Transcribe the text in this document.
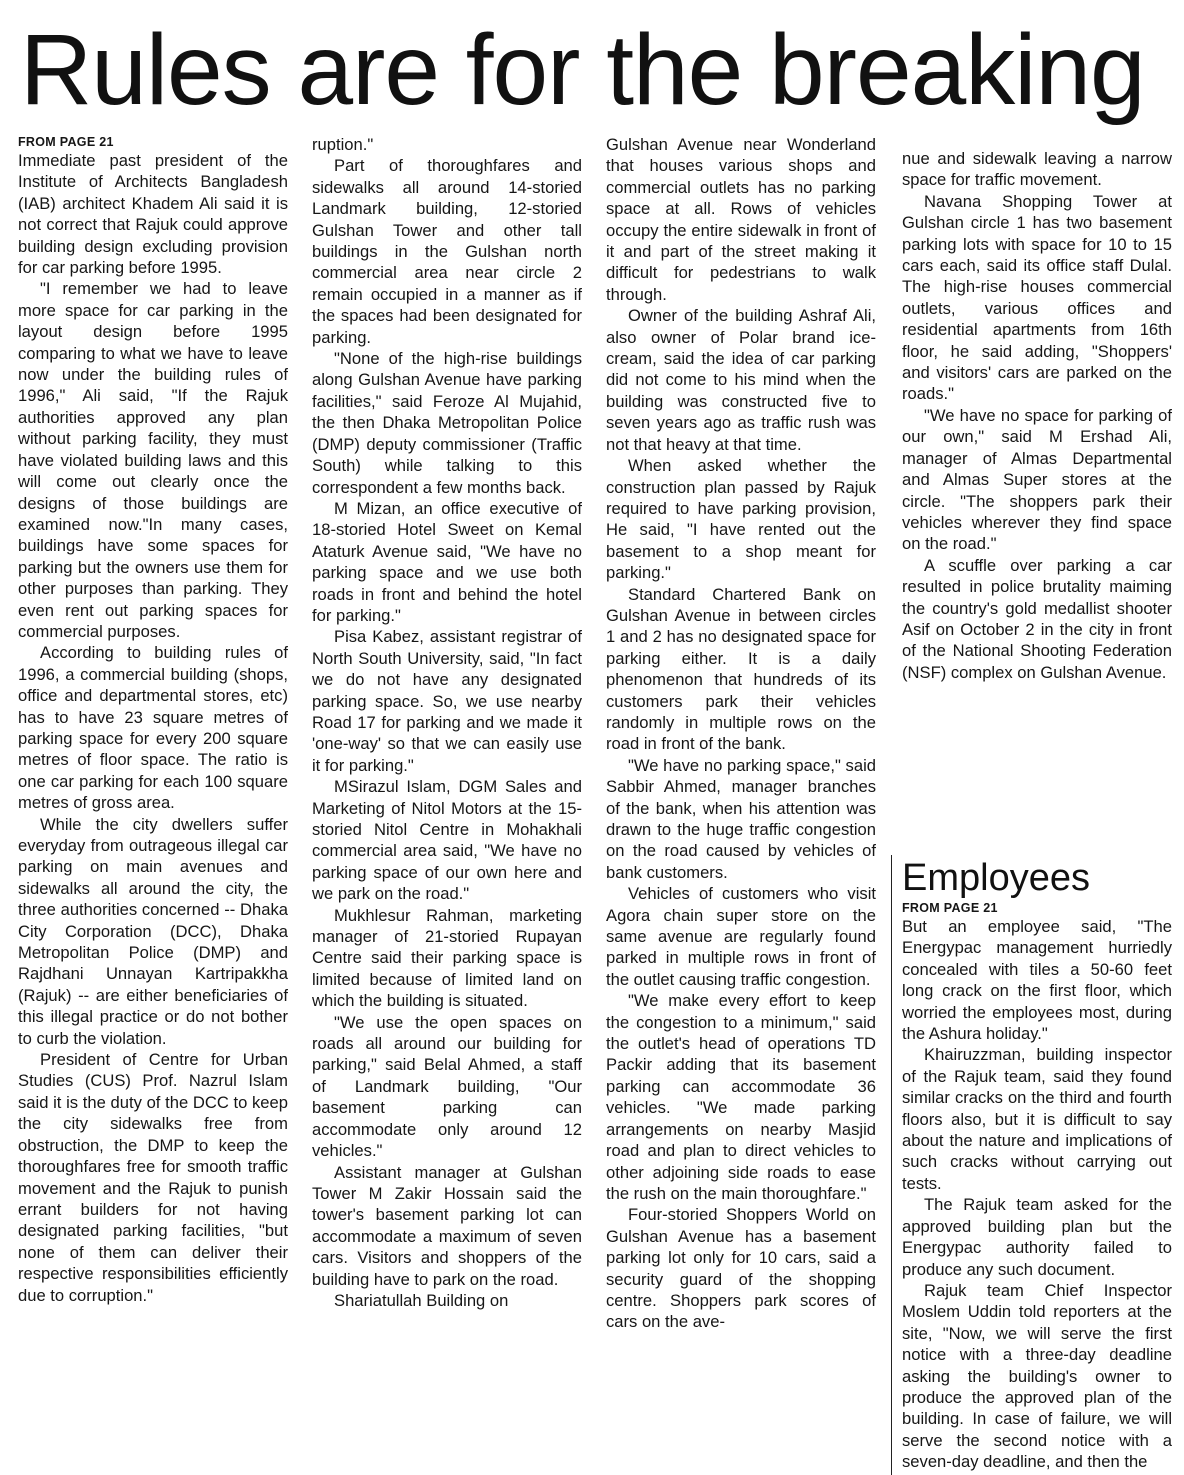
Rules are for the breaking
FROM PAGE 21

Immediate past president of the Institute of Architects Bangladesh (IAB) architect Khadem Ali said it is not correct that Rajuk could approve building design excluding provision for car parking before 1995.

"I remember we had to leave more space for car parking in the layout design before 1995 comparing to what we have to leave now under the building rules of 1996," Ali said, "If the Rajuk authorities approved any plan without parking facility, they must have violated building laws and this will come out clearly once the designs of those buildings are examined now."In many cases, buildings have some spaces for parking but the owners use them for other purposes than parking. They even rent out parking spaces for commercial purposes.

According to building rules of 1996, a commercial building (shops, office and departmental stores, etc) has to have 23 square metres of parking space for every 200 square metres of floor space. The ratio is one car parking for each 100 square metres of gross area.

While the city dwellers suffer everyday from outrageous illegal car parking on main avenues and sidewalks all around the city, the three authorities concerned -- Dhaka City Corporation (DCC), Dhaka Metropolitan Police (DMP) and Rajdhani Unnayan Kartripakkha (Rajuk) -- are either beneficiaries of this illegal practice or do not bother to curb the violation.

President of Centre for Urban Studies (CUS) Prof. Nazrul Islam said it is the duty of the DCC to keep the city sidewalks free from obstruction, the DMP to keep the thoroughfares free for smooth traffic movement and the Rajuk to punish errant builders for not having designated parking facilities, "but none of them can deliver their respective responsibilities efficiently due to corruption."

ruption."

Part of thoroughfares and sidewalks all around 14-storied Landmark building, 12-storied Gulshan Tower and other tall buildings in the Gulshan north commercial area near circle 2 remain occupied in a manner as if the spaces had been designated for parking.

"None of the high-rise buildings along Gulshan Avenue have parking facilities," said Feroze Al Mujahid, the then Dhaka Metropolitan Police (DMP) deputy commissioner (Traffic South) while talking to this correspondent a few months back.

M Mizan, an office executive of 18-storied Hotel Sweet on Kemal Ataturk Avenue said, "We have no parking space and we use both roads in front and behind the hotel for parking."

Pisa Kabez, assistant registrar of North South University, said, "In fact we do not have any designated parking space. So, we use nearby Road 17 for parking and we made it 'one-way' so that we can easily use it for parking."

MSirazul Islam, DGM Sales and Marketing of Nitol Motors at the 15-storied Nitol Centre in Mohakhali commercial area said, "We have no parking space of our own here and we park on the road."

Mukhlesur Rahman, marketing manager of 21-storied Rupayan Centre said their parking space is limited because of limited land on which the building is situated.

"We use the open spaces on roads all around our building for parking," said Belal Ahmed, a staff of Landmark building, "Our basement parking can accommodate only around 12 vehicles."

Assistant manager at Gulshan Tower M Zakir Hossain said the tower's basement parking lot can accommodate a maximum of seven cars. Visitors and shoppers of the building have to park on the road.

Shariatullah Building on

Gulshan Avenue near Wonderland that houses various shops and commercial outlets has no parking space at all. Rows of vehicles occupy the entire sidewalk in front of it and part of the street making it difficult for pedestrians to walk through.

Owner of the building Ashraf Ali, also owner of Polar brand ice-cream, said the idea of car parking did not come to his mind when the building was constructed five to seven years ago as traffic rush was not that heavy at that time.

When asked whether the construction plan passed by Rajuk required to have parking provision, He said, "I have rented out the basement to a shop meant for parking."

Standard Chartered Bank on Gulshan Avenue in between circles 1 and 2 has no designated space for parking either. It is a daily phenomenon that hundreds of its customers park their vehicles randomly in multiple rows on the road in front of the bank.

"We have no parking space," said Sabbir Ahmed, manager branches of the bank, when his attention was drawn to the huge traffic congestion on the road caused by vehicles of bank customers.

Vehicles of customers who visit Agora chain super store on the same avenue are regularly found parked in multiple rows in front of the outlet causing traffic congestion.

"We make every effort to keep the congestion to a minimum," said the outlet's head of operations TD Packir adding that its basement parking can accommodate 36 vehicles. "We made parking arrangements on nearby Masjid road and plan to direct vehicles to other adjoining side roads to ease the rush on the main thoroughfare."

Four-storied Shoppers World on Gulshan Avenue has a basement parking lot only for 10 cars, said a security guard of the shopping centre. Shoppers park scores of cars on the ave-

nue and sidewalk leaving a narrow space for traffic movement.

Navana Shopping Tower at Gulshan circle 1 has two basement parking lots with space for 10 to 15 cars each, said its office staff Dulal. The high-rise houses commercial outlets, various offices and residential apartments from 16th floor, he said adding, "Shoppers' and visitors' cars are parked on the roads."

"We have no space for parking of our own," said M Ershad Ali, manager of Almas Departmental and Almas Super stores at the circle. "The shoppers park their vehicles wherever they find space on the road."

A scuffle over parking a car resulted in police brutality maiming the country's gold medallist shooter Asif on October 2 in the city in front of the National Shooting Federation (NSF) complex on Gulshan Avenue.

Employees
FROM PAGE 21

But an employee said, "The Energypac management hurriedly concealed with tiles a 50-60 feet long crack on the first floor, which worried the employees most, during the Ashura holiday."

Khairuzzman, building inspector of the Rajuk team, said they found similar cracks on the third and fourth floors also, but it is difficult to say about the nature and implications of such cracks without carrying out tests.

The Rajuk team asked for the approved building plan but the Energypac authority failed to produce any such document.

Rajuk team Chief Inspector Moslem Uddin told reporters at the site, "Now, we will serve the first notice with a three-day deadline asking the building's owner to produce the approved plan of the building. In case of failure, we will serve the second notice with a seven-day deadline, and then the
